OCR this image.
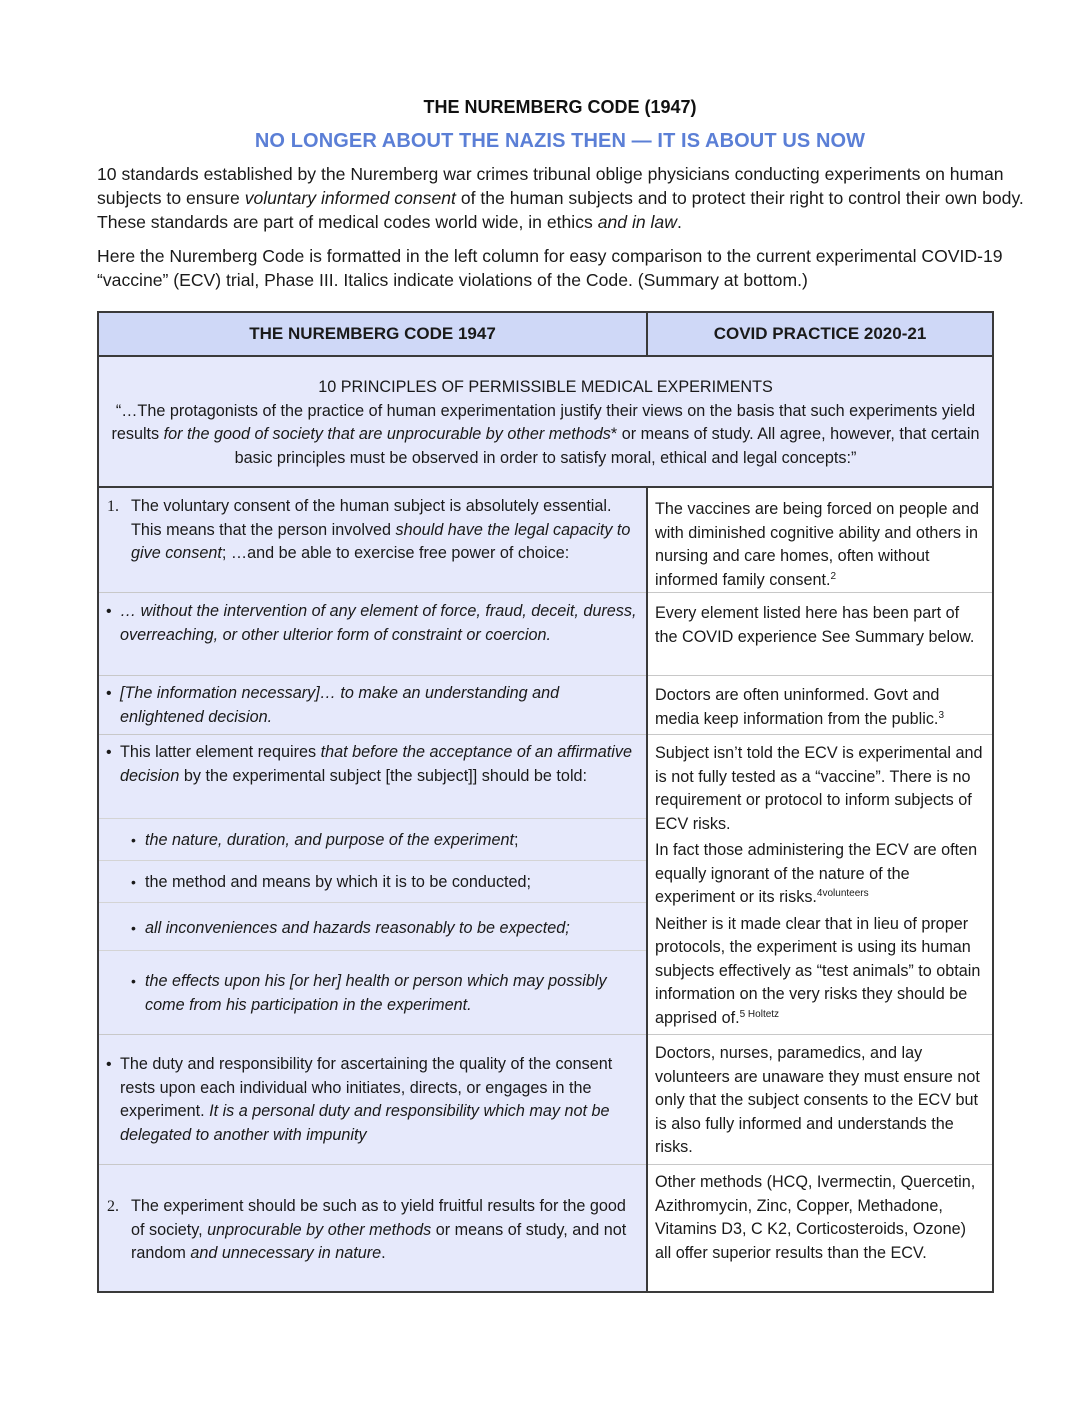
THE NUREMBERG CODE (1947)
NO LONGER ABOUT THE NAZIS THEN — IT IS ABOUT US NOW
10 standards established by the Nuremberg war crimes tribunal oblige physicians conducting experiments on human subjects to ensure voluntary informed consent of the human subjects and to protect their right to control their own body. These standards are part of medical codes world wide, in ethics and in law.
Here the Nuremberg Code is formatted in the left column for easy comparison to the current experimental COVID-19 “vaccine” (ECV) trial, Phase III. Italics indicate violations of the Code. (Summary at bottom.)
THE NUREMBERG CODE 1947	COVID PRACTICE 2020-21
10 PRINCIPLES OF PERMISSIBLE MEDICAL EXPERIMENTS
“…The protagonists of the practice of human experimentation justify their views on the basis that such experiments yield results for the good of society that are unprocurable by other methods* or means of study. All agree, however, that certain basic principles must be observed in order to satisfy moral, ethical and legal concepts:”
1. The voluntary consent of the human subject is absolutely essential. This means that the person involved should have the legal capacity to give consent; …and be able to exercise free power of choice:
• … without the intervention of any element of force, fraud, deceit, duress, overreaching, or other ulterior form of constraint or coercion.
• [The information necessary]… to make an understanding and enlightened decision.
• This latter element requires that before the acceptance of an affirmative decision by the experimental subject [the subject]] should be told:
• the nature, duration, and purpose of the experiment;
• the method and means by which it is to be conducted;
• all inconveniences and hazards reasonably to be expected;
• the effects upon his [or her] health or person which may possibly come from his participation in the experiment.
• The duty and responsibility for ascertaining the quality of the consent rests upon each individual who initiates, directs, or engages in the experiment. It is a personal duty and responsibility which may not be delegated to another with impunity
2. The experiment should be such as to yield fruitful results for the good of society, unprocurable by other methods or means of study, and not random and unnecessary in nature.
The vaccines are being forced on people and with diminished cognitive ability and others in nursing and care homes, often without informed family consent.$^2$
Every element listed here has been part of the COVID experience See Summary below.
Doctors are often uninformed. Govt and media keep information from the public.$^3$
Subject isn’t told the ECV is experimental and is not fully tested as a “vaccine”. There is no requirement or protocol to inform subjects of ECV risks.
In fact those administering the ECV are often equally ignorant of the nature of the experiment or its risks.$^{4volunteers}$
Neither is it made clear that in lieu of proper protocols, the experiment is using its human subjects effectively as “test animals” to obtain information on the very risks they should be apprised of.$^{5 Holtetz}$
Doctors, nurses, paramedics, and lay volunteers are unaware they must ensure not only that the subject consents to the ECV but is also fully informed and understands the risks.
Other methods (HCQ, Ivermectin, Quercetin, Azithromycin, Zinc, Copper, Methadone, Vitamins D3, C K2, Corticosteroids, Ozone) all offer superior results than the ECV.
